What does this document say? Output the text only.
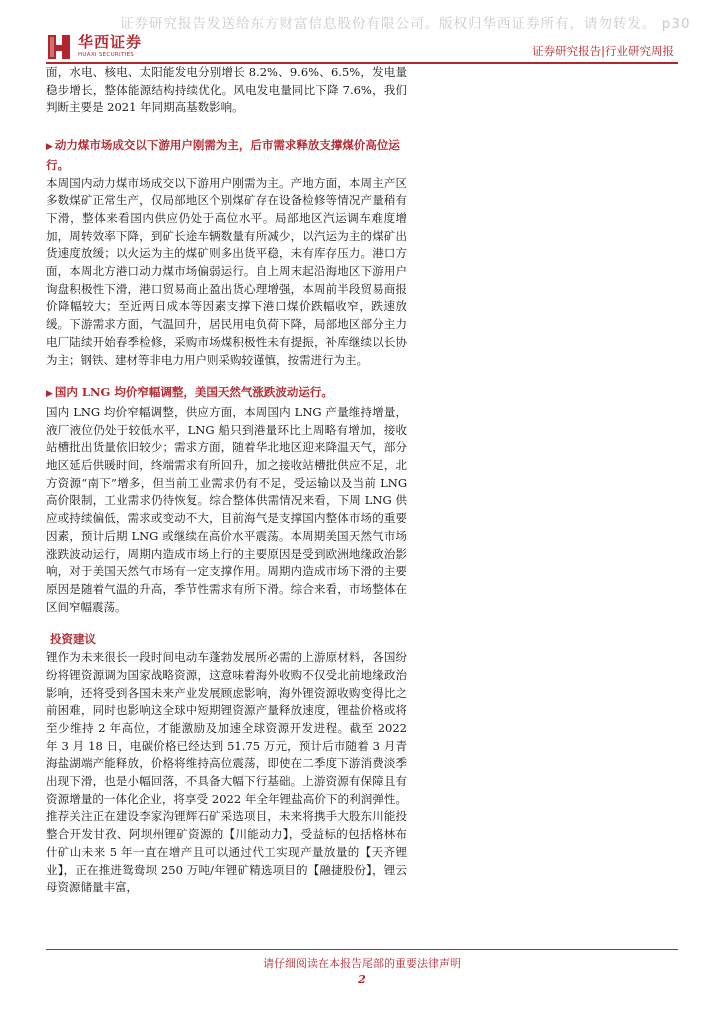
证券研究报告发送给东方财富信息股份有限公司。版权归华西证券所有，请勿转发。 p30
华西证券
HUAXI SECURITIES	证券研究报告|行业研究周报

面，水电、核电、太阳能发电分别增长 8.2%、9.6%、6.5%，发电量稳步增长，整体能源结构持续优化。风电发电量同比下降 7.6%，我们判断主要是 2021 年同期高基数影响。

▶ 动力煤市场成交以下游用户刚需为主，后市需求释放支撑煤价高位运行。

本周国内动力煤市场成交以下游用户刚需为主。产地方面，本周主产区多数煤矿正常生产，仅局部地区个别煤矿存在设备检修等情况产量稍有下滑，整体来看国内供应仍处于高位水平。局部地区汽运调车难度增加，周转效率下降，到矿长途车辆数量有所减少，以汽运为主的煤矿出货速度放缓；以火运为主的煤矿则多出货平稳，未有库存压力。港口方面，本周北方港口动力煤市场偏弱运行。自上周末起沿海地区下游用户询盘积极性下滑，港口贸易商止盈出货心理增强，本周前半段贸易商报价降幅较大；至近两日成本等因素支撑下港口煤价跌幅收窄，跌速放缓。下游需求方面，气温回升，居民用电负荷下降，局部地区部分主力电厂陆续开始春季检修，采购市场煤积极性未有提振，补库继续以长协为主；钢铁、建材等非电力用户则采购较谨慎，按需进行为主。

▶ 国内 LNG 均价窄幅调整，美国天然气涨跌波动运行。

国内 LNG 均价窄幅调整，供应方面，本周国内 LNG 产量维持增量，液厂液位仍处于较低水平，LNG 船只到港量环比上周略有增加，接收站槽批出货量依旧较少；需求方面，随着华北地区迎来降温天气，部分地区延后供暖时间，终端需求有所回升，加之接收站槽批供应不足，北方资源“南下”增多，但当前工业需求仍有不足，受运输以及当前 LNG 高价限制，工业需求仍待恢复。综合整体供需情况来看，下周 LNG 供应或持续偏低，需求或变动不大，目前海气是支撑国内整体市场的重要因素，预计后期 LNG 或继续在高价水平震荡。本周期美国天然气市场涨跌波动运行，周期内造成市场上行的主要原因是受到欧洲地缘政治影响，对于美国天然气市场有一定支撑作用。周期内造成市场下滑的主要原因是随着气温的升高，季节性需求有所下滑。综合来看，市场整体在区间窄幅震荡。

投资建议

锂作为未来很长一段时间电动车蓬勃发展所必需的上游原材料，各国纷纷将锂资源调为国家战略资源，这意味着海外收购不仅受北前地缘政治影响，还将受到各国未来产业发展顾虑影响，海外锂资源收购变得比之前困难，同时也影响这全球中短期锂资源产量释放速度，锂盐价格或将至少维持 2 年高位，才能激励及加速全球资源开发进程。截至 2022 年 3 月 18 日，电碳价格已经达到 51.75 万元，预计后市随着 3 月青海盐湖端产能释放，价格将维持高位震荡，即使在二季度下游消费淡季出现下滑，也是小幅回落，不具备大幅下行基础。上游资源有保障且有资源增量的一体化企业，将享受 2022 年全年锂盐高价下的利润弹性。推荐关注正在建设李家沟锂辉石矿采选项目，未来将携手大股东川能投整合开发甘孜、阿坝州锂矿资源的【川能动力】，受益标的包括格林布什矿山未来 5 年一直在增产且可以通过代工实现产量放量的【天齐锂业】，正在推进鸳鸯坝 250 万吨/年锂矿精选项目的【融捷股份】，锂云母资源储量丰富，

请仔细阅读在本报告尾部的重要法律声明
2
